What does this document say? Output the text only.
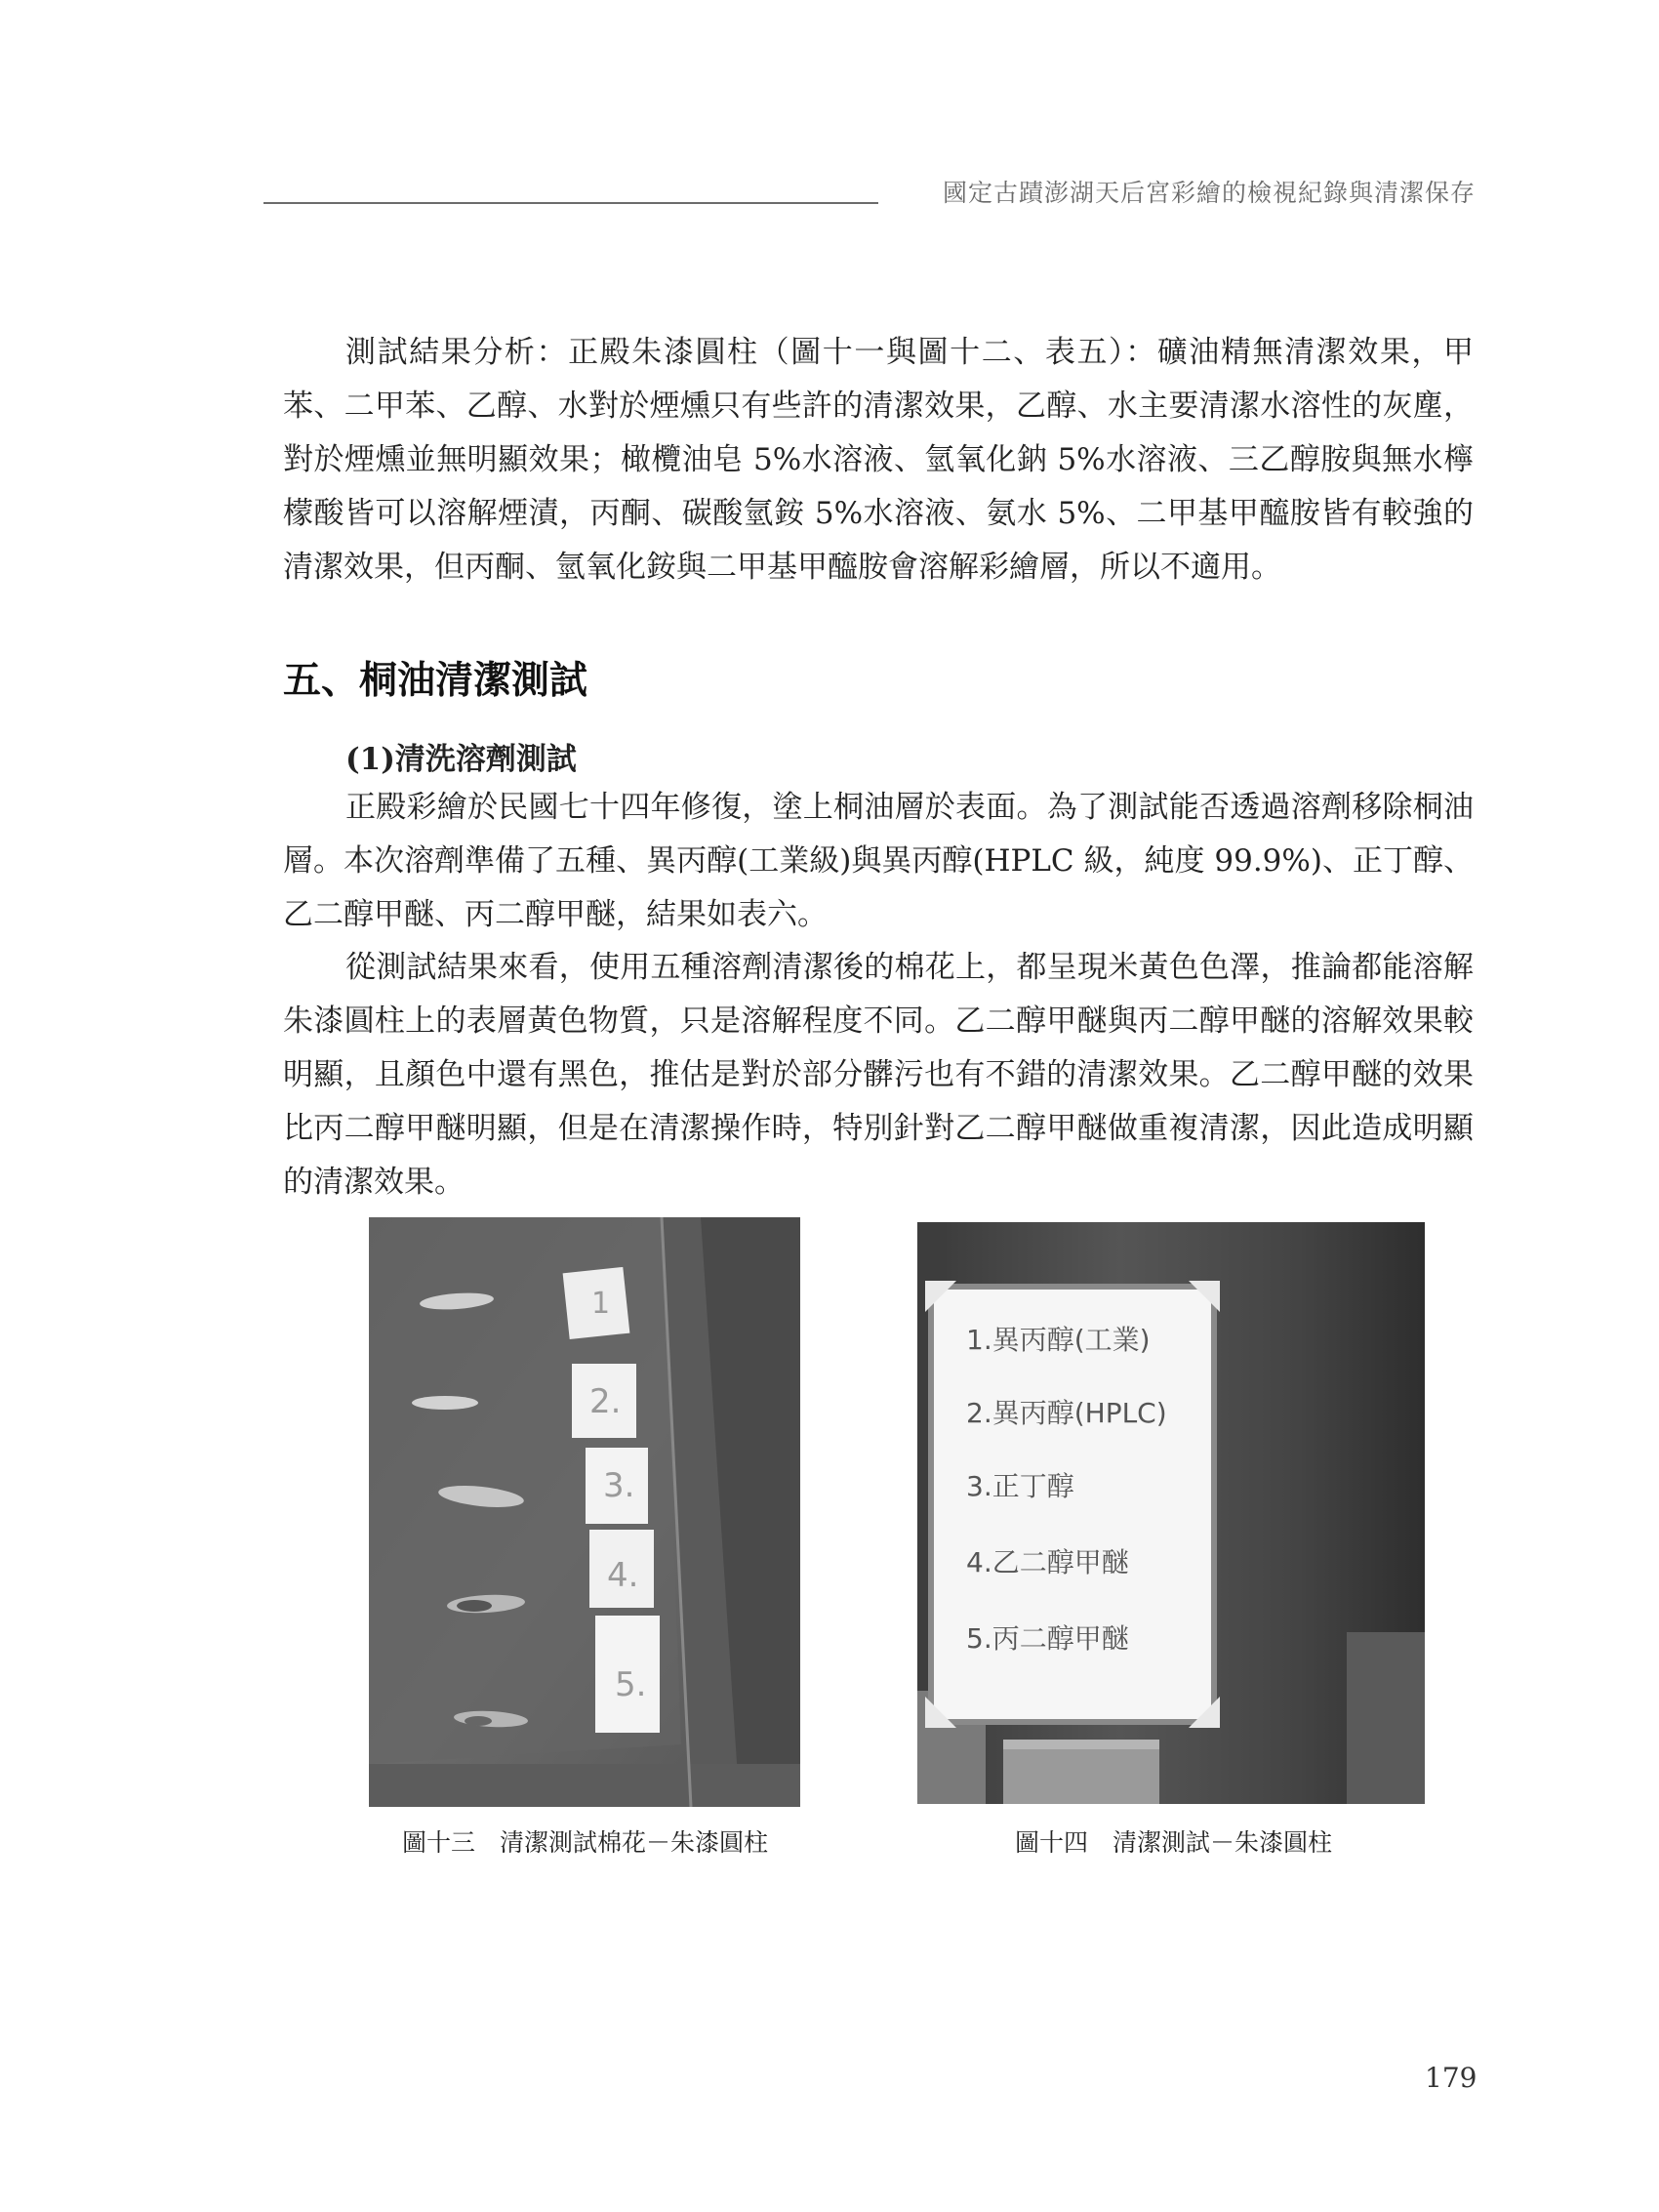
國定古蹟澎湖天后宮彩繪的檢視紀錄與清潔保存

測試結果分析：正殿朱漆圓柱（圖十一與圖十二、表五）：礦油精無清潔效果，甲苯、二甲苯、乙醇、水對於煙燻只有些許的清潔效果，乙醇、水主要清潔水溶性的灰塵，對於煙燻並無明顯效果；橄欖油皂 5%水溶液、氫氧化鈉 5%水溶液、三乙醇胺與無水檸檬酸皆可以溶解煙漬，丙酮、碳酸氫銨 5%水溶液、氨水 5%、二甲基甲醯胺皆有較強的清潔效果，但丙酮、氫氧化銨與二甲基甲醯胺會溶解彩繪層，所以不適用。

五、桐油清潔測試
(1)清洗溶劑測試

正殿彩繪於民國七十四年修復，塗上桐油層於表面。為了測試能否透過溶劑移除桐油層。本次溶劑準備了五種、異丙醇(工業級)與異丙醇(HPLC 級，純度 99.9%)、正丁醇、乙二醇甲醚、丙二醇甲醚，結果如表六。

從測試結果來看，使用五種溶劑清潔後的棉花上，都呈現米黃色色澤，推論都能溶解朱漆圓柱上的表層黃色物質，只是溶解程度不同。乙二醇甲醚與丙二醇甲醚的溶解效果較明顯，且顏色中還有黑色，推估是對於部分髒污也有不錯的清潔效果。乙二醇甲醚的效果比丙二醇甲醚明顯，但是在清潔操作時，特別針對乙二醇甲醚做重複清潔，因此造成明顯的清潔效果。

1
2.
3.
4.
5.
1.異丙醇(工業)
2.異丙醇(HPLC)
3.正丁醇
4.乙二醇甲醚
5.丙二醇甲醚
圖十三　清潔測試棉花－朱漆圓柱	圖十四　清潔測試－朱漆圓柱
179
